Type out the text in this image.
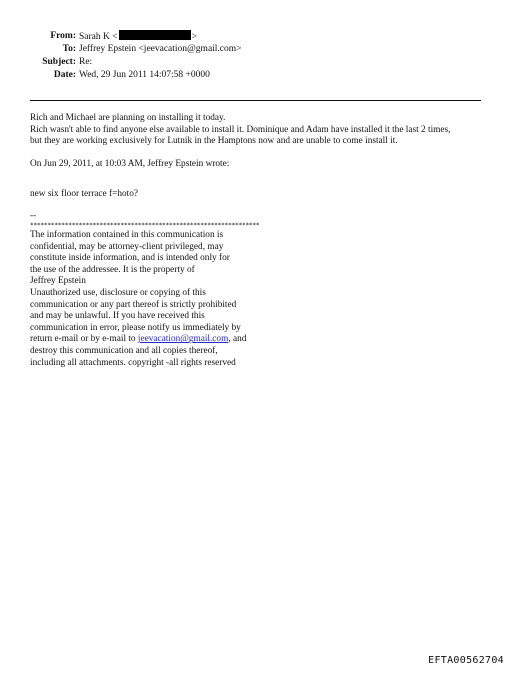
From: Sarah K <	>
To: Jeffrey Epstein <jeevacation@gmail.com>
Subject: Re:
Date: Wed, 29 Jun 2011 14:07:58 +0000
Rich and Michael are planning on installing it today.
Rich wasn't able to find anyone else available to install it. Dominique and Adam have installed it the last 2 times,
but they are working exclusively for Lutnik in the Hamptons now and are unable to come install it.
On Jun 29, 2011, at 10:03 AM, Jeffrey Epstein wrote:
new six floor terrace f=hoto?
--
******************************************************************
The information contained in this communication is
confidential, may be attorney-client privileged, may
constitute inside information, and is intended only for
the use of the addressee. It is the property of
Jeffrey Epstein
Unauthorized use, disclosure or copying of this
communication or any part thereof is strictly prohibited
and may be unlawful. If you have received this
communication in error, please notify us immediately by
return e-mail or by e-mail to jeevacation@gmail.com, and
destroy this communication and all copies thereof,
including all attachments. copyright -all rights reserved
EFTA00562704
